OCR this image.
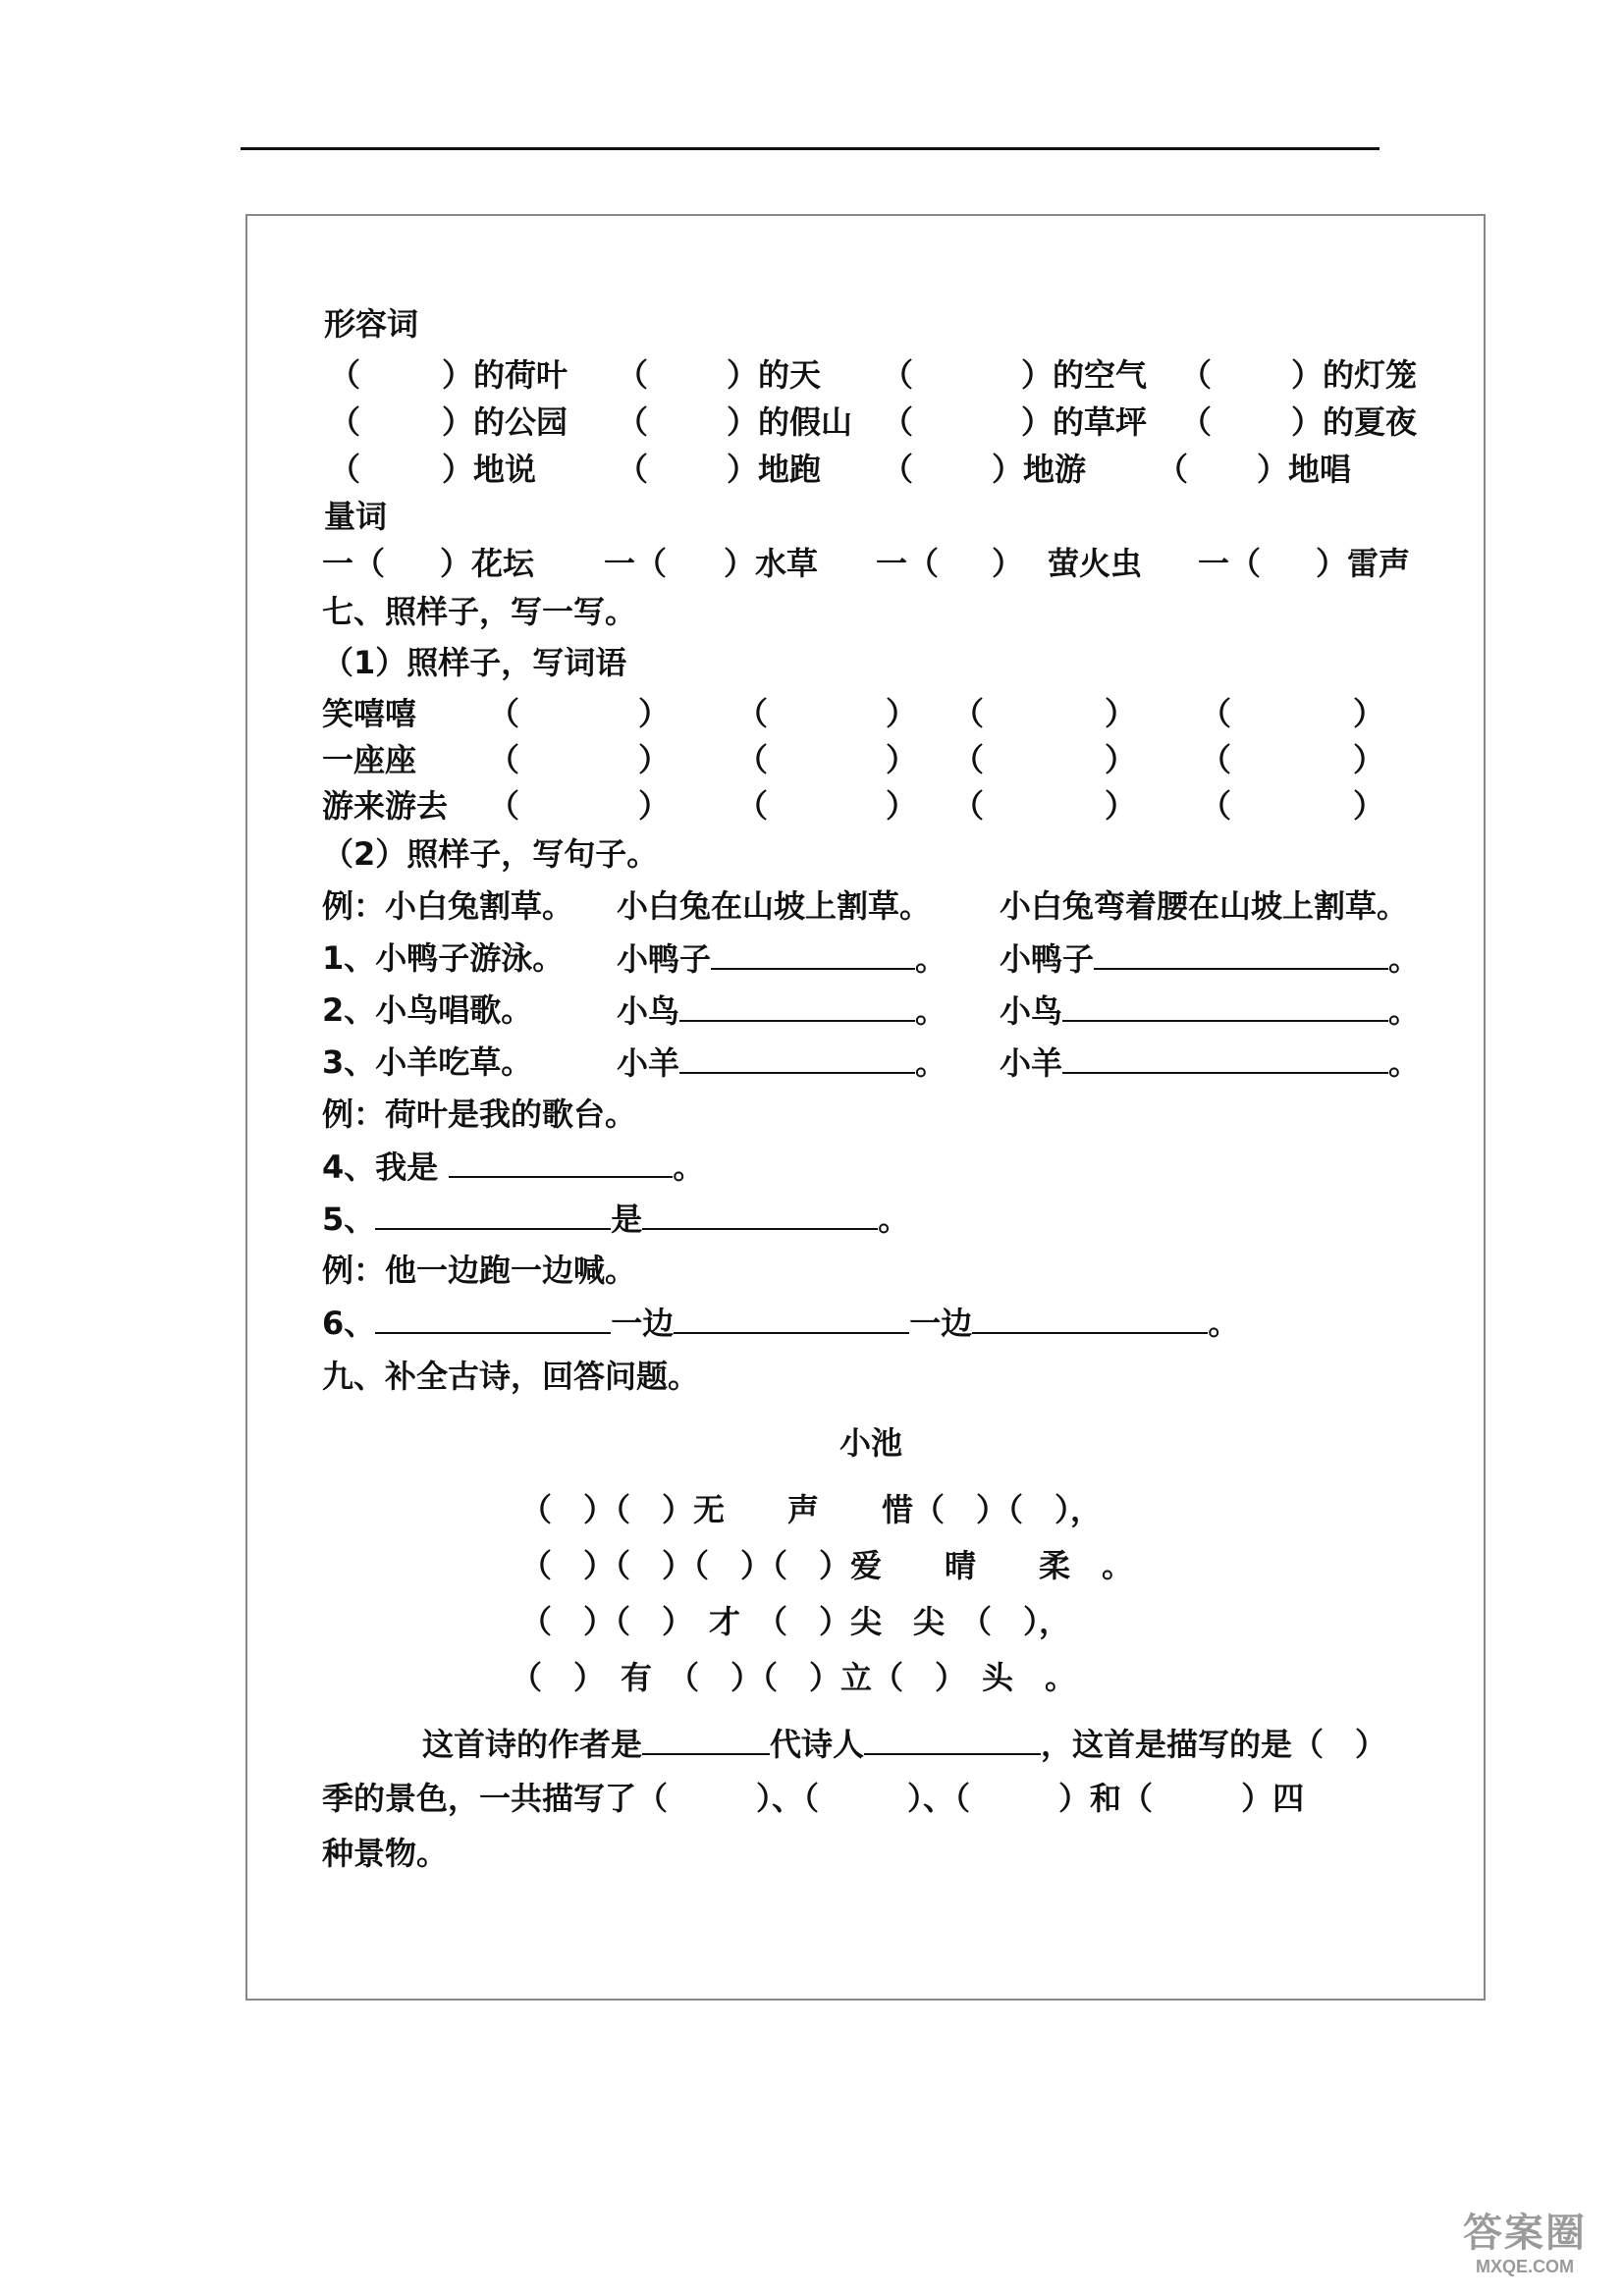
形容词
（	）的荷叶 （ ）的天 （	）的空气 （	）的灯笼
（	）的公园 （ ）的假山 （	）的草坪 （	）的夏夜
（	）地说	（ ）地跑 （ ）地游 （ ）地唱
量词
一（ ）花坛 一（ ）水草 一（ ） 萤火虫 一（ ）雷声
七、照样子，写一写。
（1）照样子，写词语
笑嘻嘻 （	） （	） （	） （	）
一座座 （	） （	） （	） （	）
游来游去 （	） （	） （	） （	）
（2）照样子，写句子。
例：小白兔割草。 小白兔在山坡上割草。 小白兔弯着腰在山坡上割草。
1、小鸭子游泳。 小鸭子	。 小鸭子	。
2、小鸟唱歌。	小鸟	。 小鸟	。
3、小羊吃草。	小羊	。 小羊	。
例：荷叶是我的歌台。
4、我是	。
5、	是	。
例：他一边跑一边喊。
6、	一边	一边	。
九、补全古诗，回答问题。
小池
（　）（　）无　　声　　惜（　）（　），
（　）（　）（　）（　）爱　　晴　　柔　。
（　）（　）　才　（　）尖　尖　（　），
（　）　有　（　）（　）立（　）　头　。
这首诗的作者是	代诗人	，这首是描写的是（　）
季的景色，一共描写了（	）、（	）、（	）和（	）四
种景物。
答案圈
MXQE.COM
